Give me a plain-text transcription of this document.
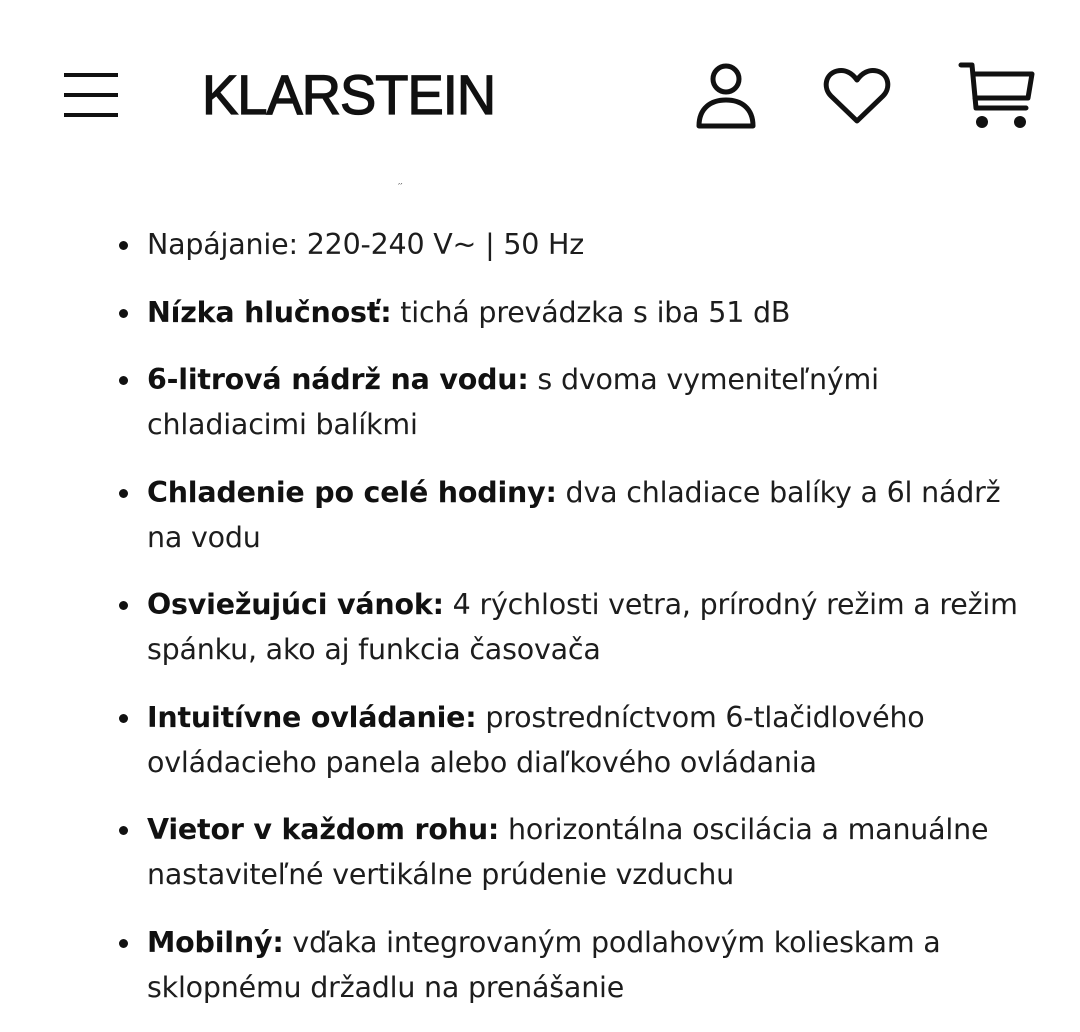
KLARSTEIN
′′
Napájanie: 220-240 V~ | 50 Hz
Nízka hlučnosť: tichá prevádzka s iba 51 dB
6-litrová nádrž na vodu: s dvoma vymeniteľnými chladiacimi balíkmi
Chladenie po celé hodiny: dva chladiace balíky a 6l nádrž na vodu
Osviežujúci vánok: 4 rýchlosti vetra, prírodný režim a režim spánku, ako aj funkcia časovača
Intuitívne ovládanie: prostredníctvom 6-tlačidlového ovládacieho panela alebo diaľkového ovládania
Vietor v každom rohu: horizontálna oscilácia a manuálne nastaviteľné vertikálne prúdenie vzduchu
Mobilný: vďaka integrovaným podlahovým kolieskam a sklopnému držadlu na prenášanie
